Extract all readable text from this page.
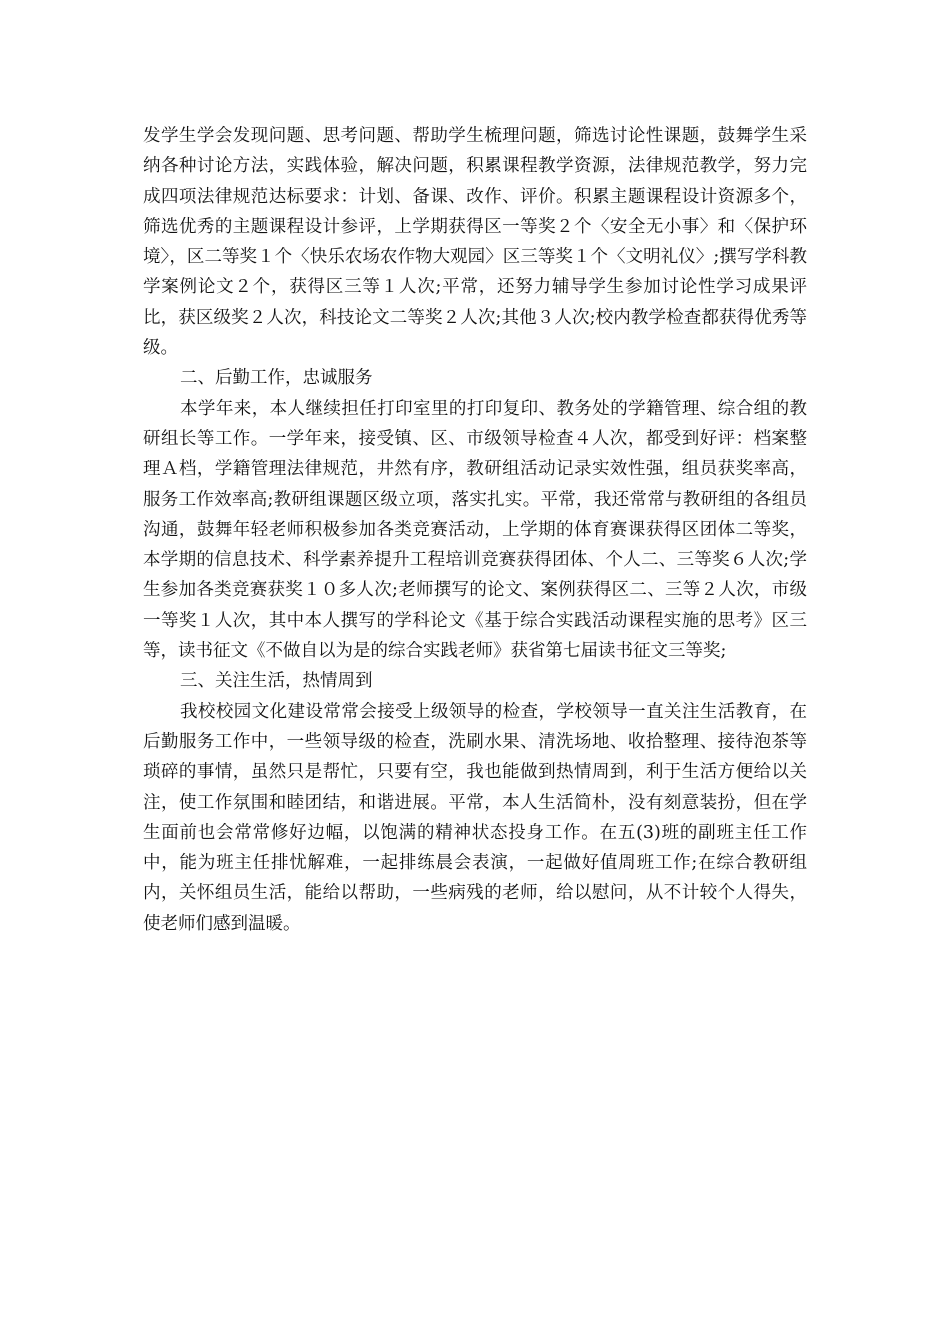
发学生学会发现问题、思考问题、帮助学生梳理问题，筛选讨论性课题，鼓舞学生采纳各种讨论方法，实践体验，解决问题，积累课程教学资源，法律规范教学，努力完成四项法律规范达标要求：计划、备课、改作、评价。积累主题课程设计资源多个，筛选优秀的主题课程设计参评，上学期获得区一等奖２个〈安全无小事〉和〈保护环境〉，区二等奖１个〈快乐农场农作物大观园〉区三等奖１个〈文明礼仪〉;撰写学科教学案例论文２个，获得区三等１人次;平常，还努力辅导学生参加讨论性学习成果评比，获区级奖２人次，科技论文二等奖２人次;其他３人次;校内教学检查都获得优秀等级。

二、后勤工作，忠诚服务

本学年来，本人继续担任打印室里的打印复印、教务处的学籍管理、综合组的教研组长等工作。一学年来，接受镇、区、市级领导检查４人次，都受到好评：档案整理Ａ档，学籍管理法律规范，井然有序，教研组活动记录实效性强，组员获奖率高，服务工作效率高;教研组课题区级立项，落实扎实。平常，我还常常与教研组的各组员沟通，鼓舞年轻老师积极参加各类竞赛活动，上学期的体育赛课获得区团体二等奖，本学期的信息技术、科学素养提升工程培训竞赛获得团体、个人二、三等奖６人次;学生参加各类竞赛获奖１０多人次;老师撰写的论文、案例获得区二、三等２人次，市级一等奖１人次，其中本人撰写的学科论文《基于综合实践活动课程实施的思考》区三等，读书征文《不做自以为是的综合实践老师》获省第七届读书征文三等奖;

三、关注生活，热情周到

我校校园文化建设常常会接受上级领导的检查，学校领导一直关注生活教育，在后勤服务工作中，一些领导级的检查，洗刷水果、清洗场地、收拾整理、接待泡茶等琐碎的事情，虽然只是帮忙，只要有空，我也能做到热情周到，利于生活方便给以关注，使工作氛围和睦团结，和谐进展。平常，本人生活简朴，没有刻意装扮，但在学生面前也会常常修好边幅，以饱满的精神状态投身工作。在五(3)班的副班主任工作中，能为班主任排忧解难，一起排练晨会表演，一起做好值周班工作;在综合教研组内，关怀组员生活，能给以帮助，一些病残的老师，给以慰问，从不计较个人得失，使老师们感到温暖。
